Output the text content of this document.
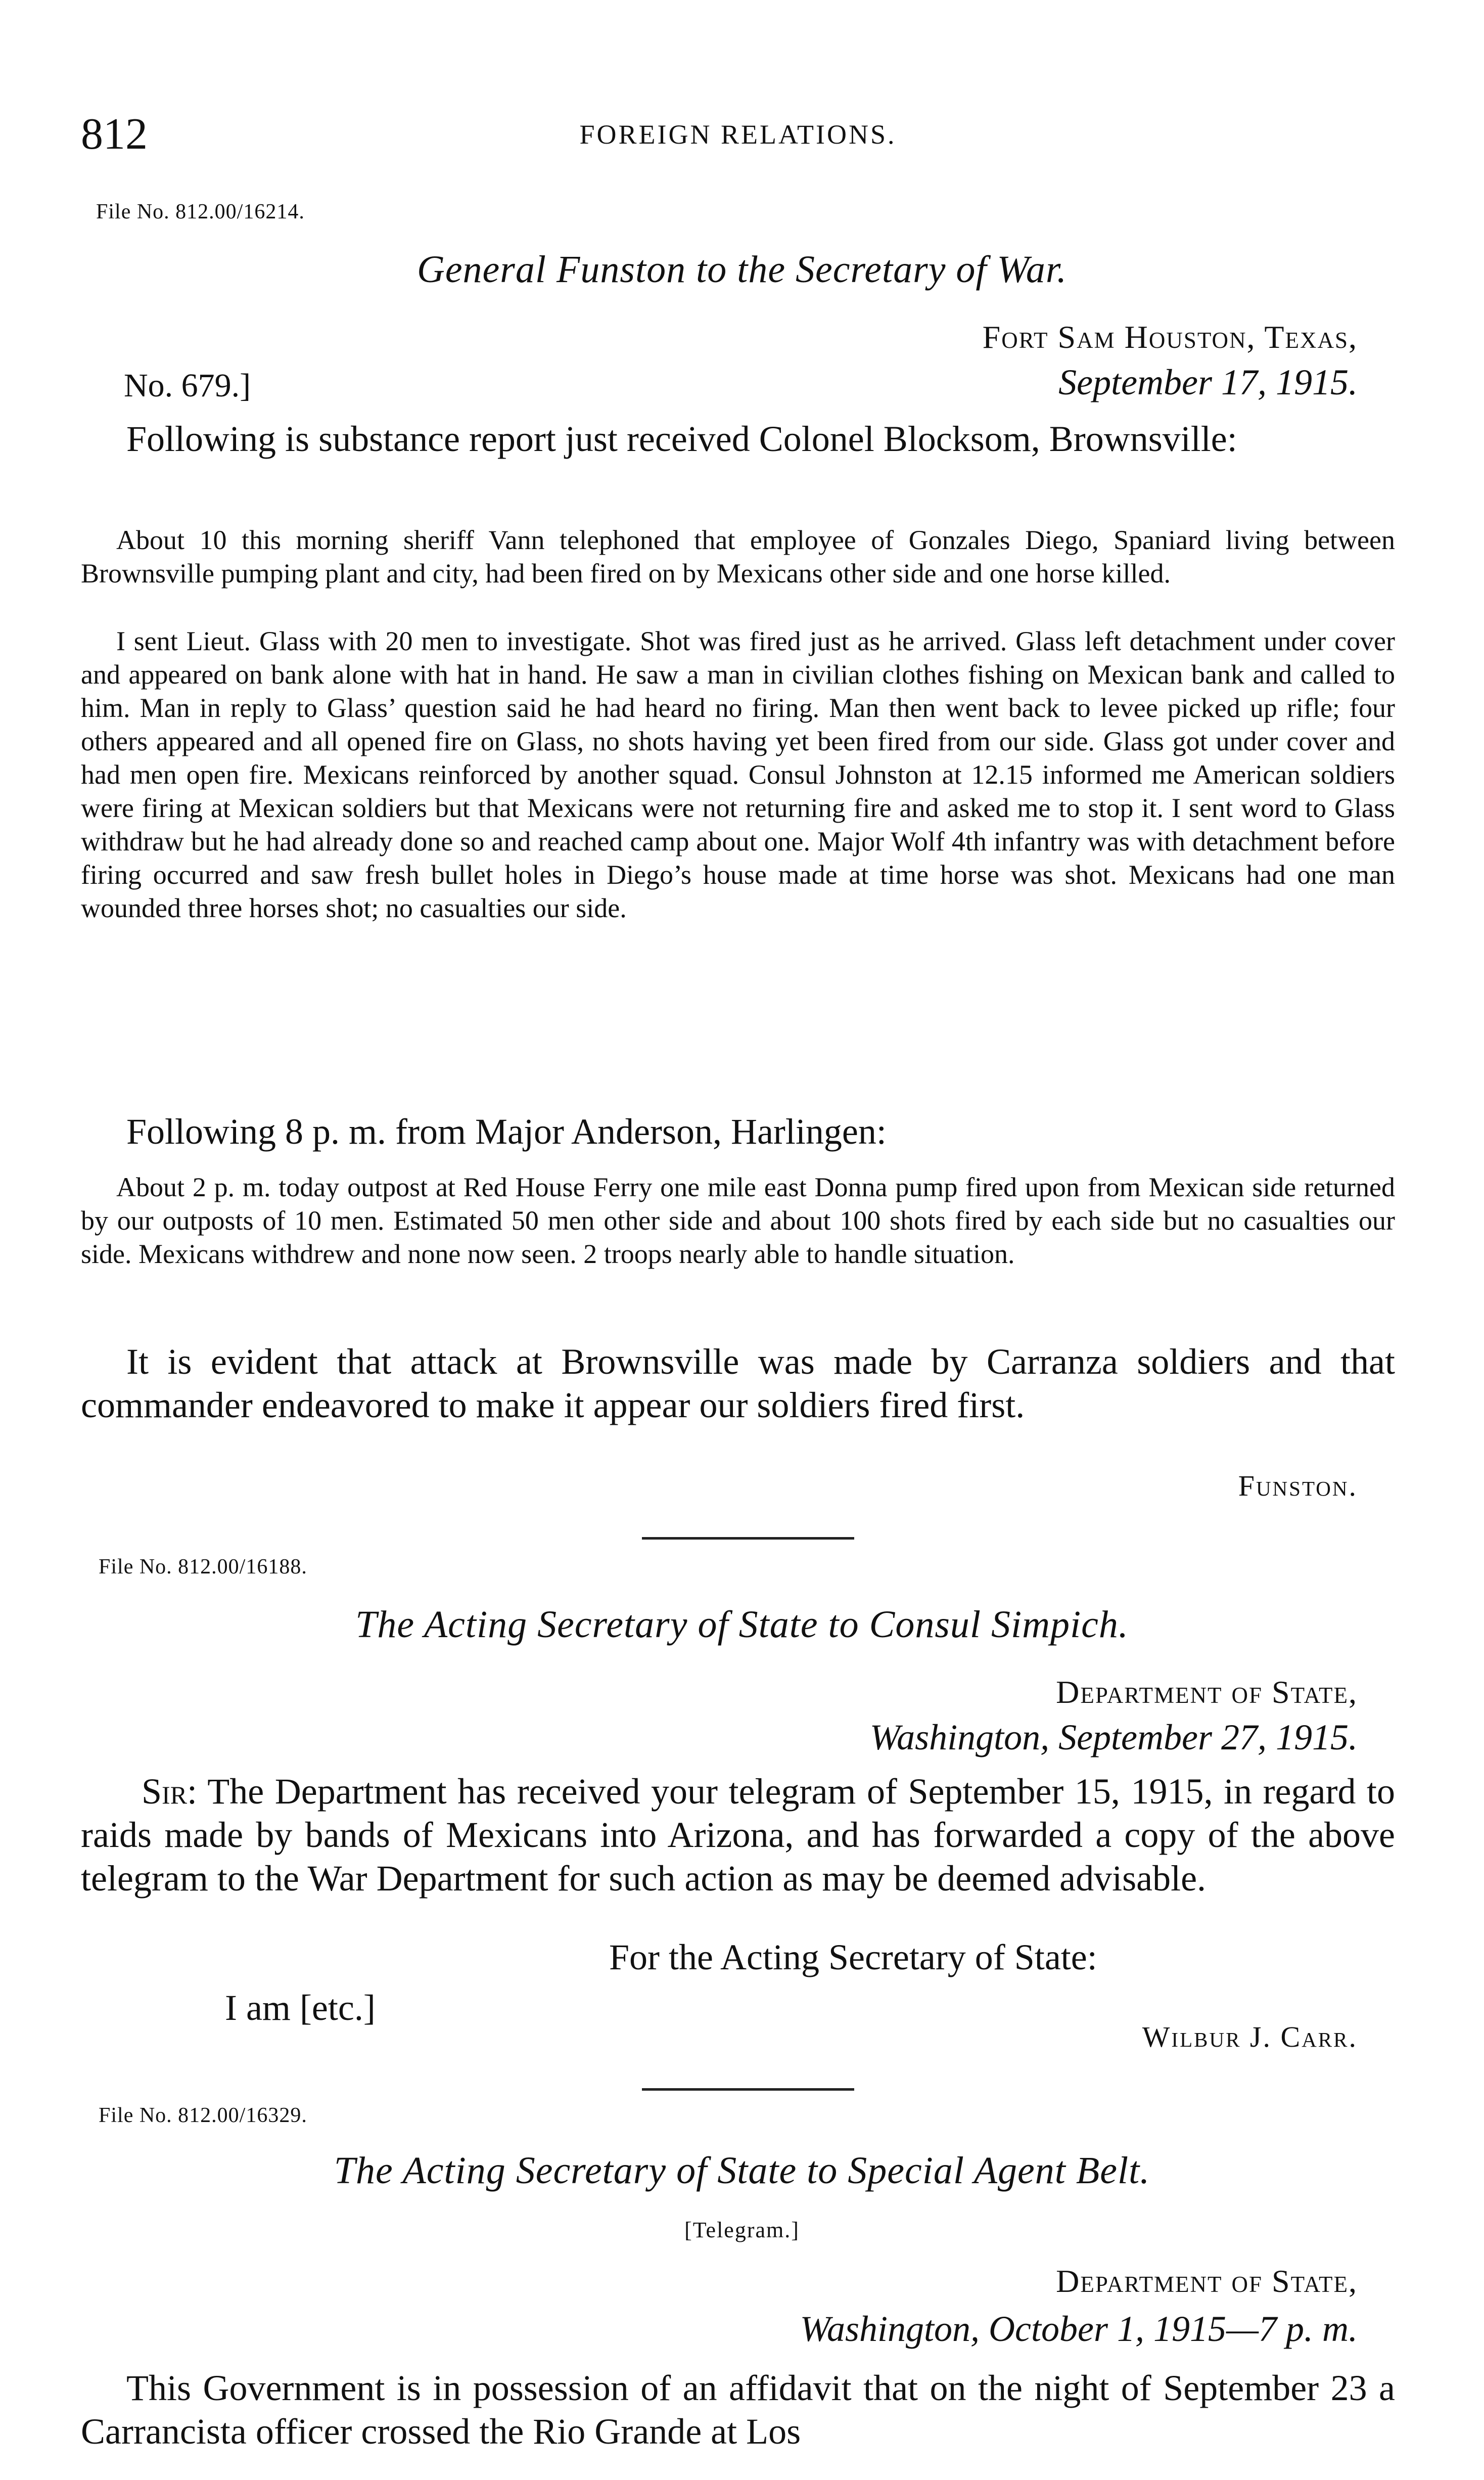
812	FOREIGN RELATIONS.
File No. 812.00/16214.
General Funston to the Secretary of War.
Fort Sam Houston, Texas,
No. 679.]	September 17, 1915.
Following is substance report just received Colonel Blocksom, Brownsville:
About 10 this morning sheriff Vann telephoned that employee of Gonzales Diego, Spaniard living between Brownsville pumping plant and city, had been fired on by Mexicans other side and one horse killed.
I sent Lieut. Glass with 20 men to investigate. Shot was fired just as he arrived. Glass left detachment under cover and appeared on bank alone with hat in hand. He saw a man in civilian clothes fishing on Mexican bank and called to him. Man in reply to Glass’ question said he had heard no firing. Man then went back to levee picked up rifle; four others appeared and all opened fire on Glass, no shots having yet been fired from our side. Glass got under cover and had men open fire. Mexicans reinforced by another squad. Consul Johnston at 12.15 informed me American soldiers were firing at Mexican soldiers but that Mexicans were not returning fire and asked me to stop it. I sent word to Glass withdraw but he had already done so and reached camp about one. Major Wolf 4th infantry was with detachment before firing occurred and saw fresh bullet holes in Diego’s house made at time horse was shot. Mexicans had one man wounded three horses shot; no casualties our side.
Following 8 p. m. from Major Anderson, Harlingen:
About 2 p. m. today outpost at Red House Ferry one mile east Donna pump fired upon from Mexican side returned by our outposts of 10 men. Estimated 50 men other side and about 100 shots fired by each side but no casualties our side. Mexicans withdrew and none now seen. 2 troops nearly able to handle situation.
It is evident that attack at Brownsville was made by Carranza soldiers and that commander endeavored to make it appear our soldiers fired first.
Funston.
File No. 812.00/16188.
The Acting Secretary of State to Consul Simpich.
Department of State,
Washington, September 27, 1915.
Sir: The Department has received your telegram of September 15, 1915, in regard to raids made by bands of Mexicans into Arizona, and has forwarded a copy of the above telegram to the War Department for such action as may be deemed advisable.
For the Acting Secretary of State:
I am [etc.]
Wilbur J. Carr.
File No. 812.00/16329.
The Acting Secretary of State to Special Agent Belt.
[Telegram.]
Department of State,
Washington, October 1, 1915—7 p. m.
This Government is in possession of an affidavit that on the night of September 23 a Carrancista officer crossed the Rio Grande at Los
